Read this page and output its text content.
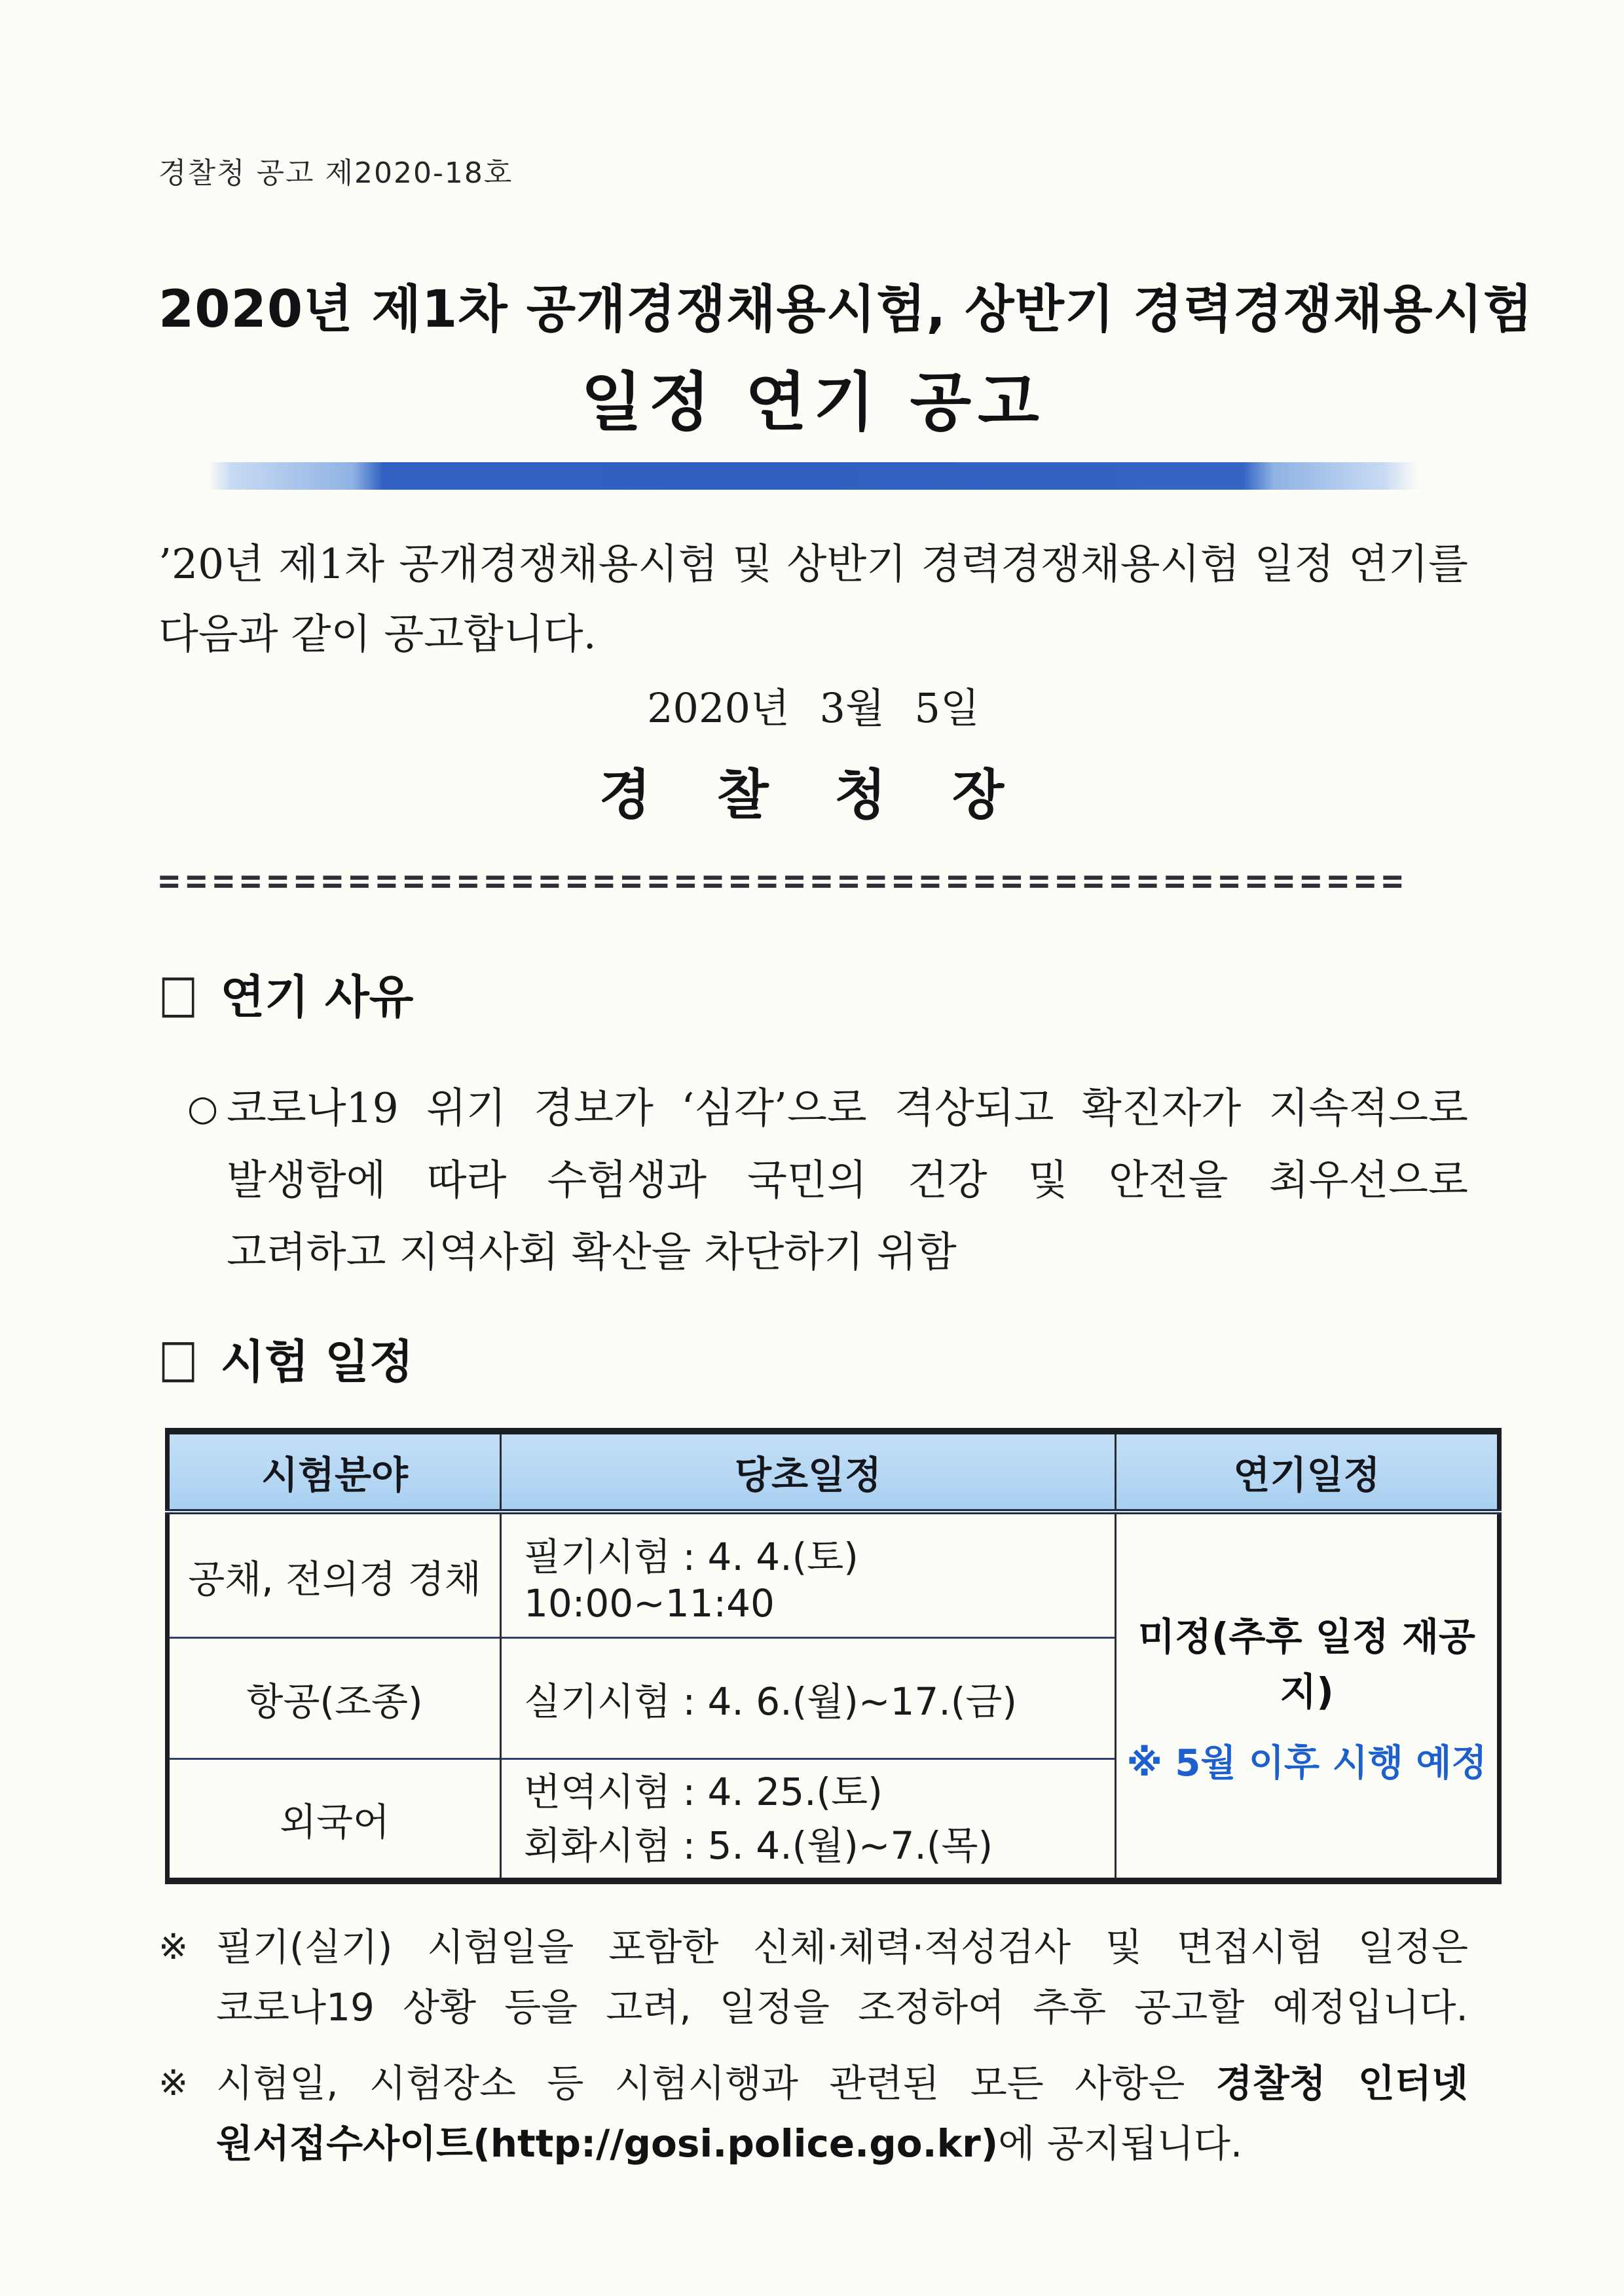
경찰청 공고 제2020-18호
2020년 제1차 공개경쟁채용시험, 상반기 경력경쟁채용시험
일정 연기 공고
’20년 제1차 공개경쟁채용시험 및 상반기 경력경쟁채용시험 일정 연기를
다음과 같이 공고합니다.
2020년 3월 5일
경 찰 청 장
==============================================
□ 연기 사유
○ 코로나19 위기 경보가 ‘심각’으로 격상되고 확진자가 지속적으로
발생함에 따라 수험생과 국민의 건강 및 안전을 최우선으로
고려하고 지역사회 확산을 차단하기 위함
□ 시험 일정
시험분야	당초일정	연기일정
공채, 전의경 경채	필기시험 : 4. 4.(토) 10:00~11:40	미정(추후 일정 재공지)
※ 5월 이후 시행 예정

항공(조종)	실기시험 : 4. 6.(월)~17.(금)	
외국어	번역시험 : 4. 25.(토)
회화시험 : 5. 4.(월)~7.(목)	
※ 필기(실기) 시험일을 포함한 신체·체력·적성검사 및 면접시험 일정은
코로나19 상황 등을 고려, 일정을 조정하여 추후 공고할 예정입니다.
※ 시험일, 시험장소 등 시험시행과 관련된 모든 사항은 경찰청 인터넷
원서접수사이트(http://gosi.police.go.kr)에 공지됩니다.
